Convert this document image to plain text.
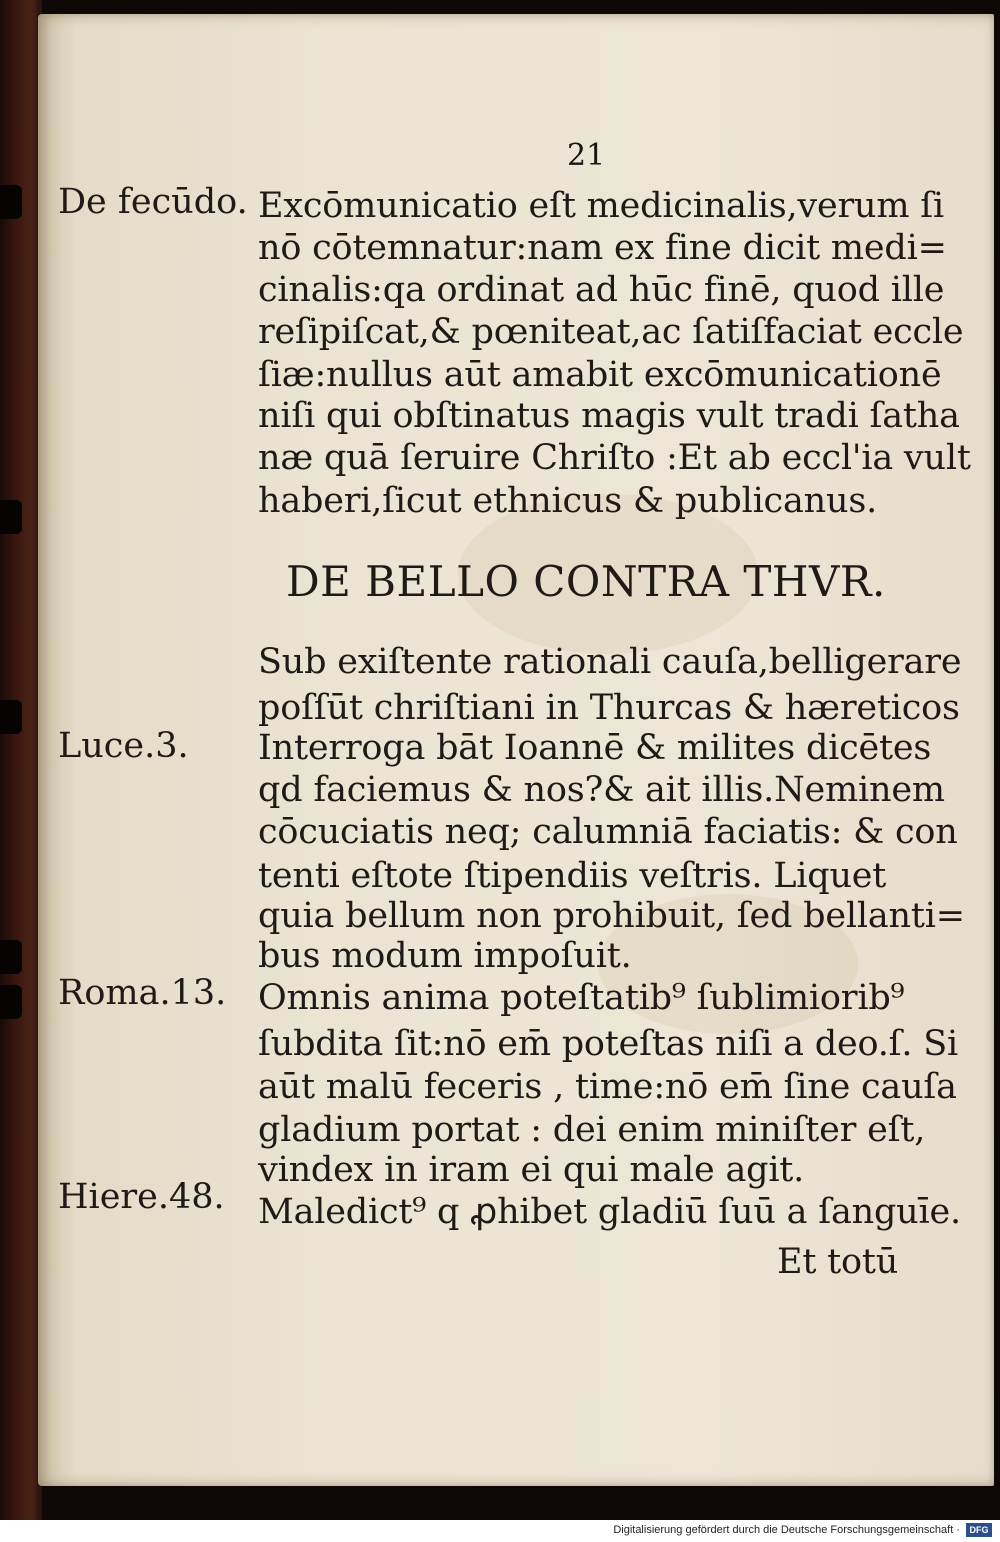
21
De fecūdo.
Luce.3.
Roma.13.
Hiere.48.
Excōmunicatio eſt medicinalis,verum ſi
nō cōtemnatur:nam ex fine dicit medi=
cinalis:qa ordinat ad hūc finē, quod ille
reſipiſcat,& pœniteat,ac ſatiſfaciat eccle
ſiæ:nullus aūt amabit excōmunicationē
niſi qui obſtinatus magis vult tradi ſatha
næ quā ſeruire Chriſto :Et ab eccl'ia vult
haberi,ſicut ethnicus & publicanus.
DE BELLO CONTRA THVR.
Sub exiſtente rationali cauſa,belligerare
poſſūt chriſtiani in Thurcas & hæreticos
Interroga bāt Ioannē & milites dicētes
qd faciemus & nos?& ait illis.Neminem
cōcuciatis neq; calumniā faciatis: & con
tenti eſtote ſtipendiis veſtris. Liquet
quia bellum non prohibuit, ſed bellanti=
bus modum impoſuit.
Omnis anima poteſtatib⁹ ſublimiorib⁹
ſubdita ſit:nō em̄ poteſtas niſi a deo.ſ. Si
aūt malū feceris , time:nō em̄ ſine cauſa
gladium portat : dei enim miniſter eſt,
vindex in iram ei qui male agit.
Maledict⁹ q ꝓhibet gladiū ſuū a ſanguīe.
Et totū
Digitalisierung gefördert durch die Deutsche Forschungsgemeinschaft ·	DFG
